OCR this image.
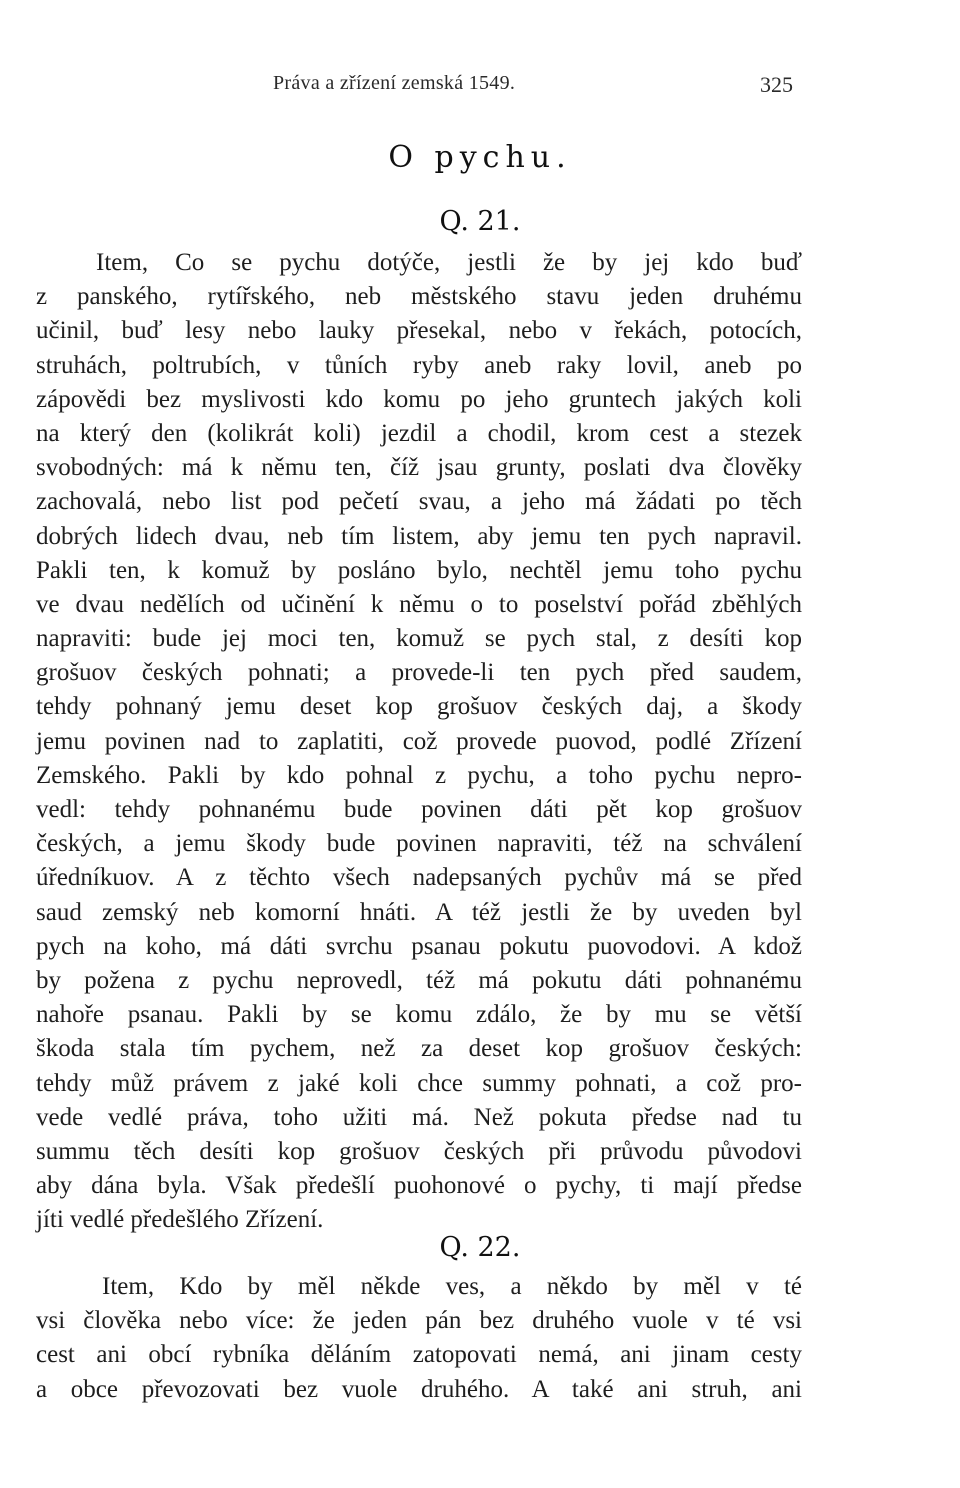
Práva a zřízení zemská 1549.	325
O pychu.
Q. 21.
Item, Co se pychu dotýče, jestli že by jej kdo buď
z panského, rytířského, neb městského stavu jeden druhému
učinil, buď lesy nebo lauky přesekal, nebo v řekách, potocích,
struhách, poltrubích, v tůních ryby aneb raky lovil, aneb po
zápovědi bez myslivosti kdo komu po jeho gruntech jakých koli
na který den (kolikrát koli) jezdil a chodil, krom cest a stezek
svobodných: má k němu ten, číž jsau grunty, poslati dva člověky
zachovalá, nebo list pod pečetí svau, a jeho má žádati po těch
dobrých lidech dvau, neb tím listem, aby jemu ten pych napravil.
Pakli ten, k komuž by posláno bylo, nechtěl jemu toho pychu
ve dvau nedělích od učinění k němu o to poselství pořád zběhlých
napraviti: bude jej moci ten, komuž se pych stal, z desíti kop
grošuov českých pohnati; a provede-li ten pych před saudem,
tehdy pohnaný jemu deset kop grošuov českých daj, a škody
jemu povinen nad to zaplatiti, což provede puovod, podlé Zřízení
Zemského. Pakli by kdo pohnal z pychu, a toho pychu nepro-
vedl: tehdy pohnanému bude povinen dáti pět kop grošuov
českých, a jemu škody bude povinen napraviti, též na schválení
úředníkuov. A z těchto všech nadepsaných pychův má se před
saud zemský neb komorní hnáti. A též jestli že by uveden byl
pych na koho, má dáti svrchu psanau pokutu puovodovi. A kdož
by požena z pychu neprovedl, též má pokutu dáti pohnanému
nahoře psanau. Pakli by se komu zdálo, že by mu se větší
škoda stala tím pychem, než za deset kop grošuov českých:
tehdy můž právem z jaké koli chce summy pohnati, a což pro-
vede vedlé práva, toho užiti má. Než pokuta předse nad tu
summu těch desíti kop grošuov českých při průvodu původovi
aby dána byla. Však předešlí puohonové o pychy, ti mají předse
jíti vedlé předešlého Zřízení.
Q. 22.
Item, Kdo by měl někde ves, a někdo by měl v té
vsi člověka nebo více: že jeden pán bez druhého vuole v té vsi
cest ani obcí rybníka děláním zatopovati nemá, ani jinam cesty
a obce převozovati bez vuole druhého. A také ani struh, ani
